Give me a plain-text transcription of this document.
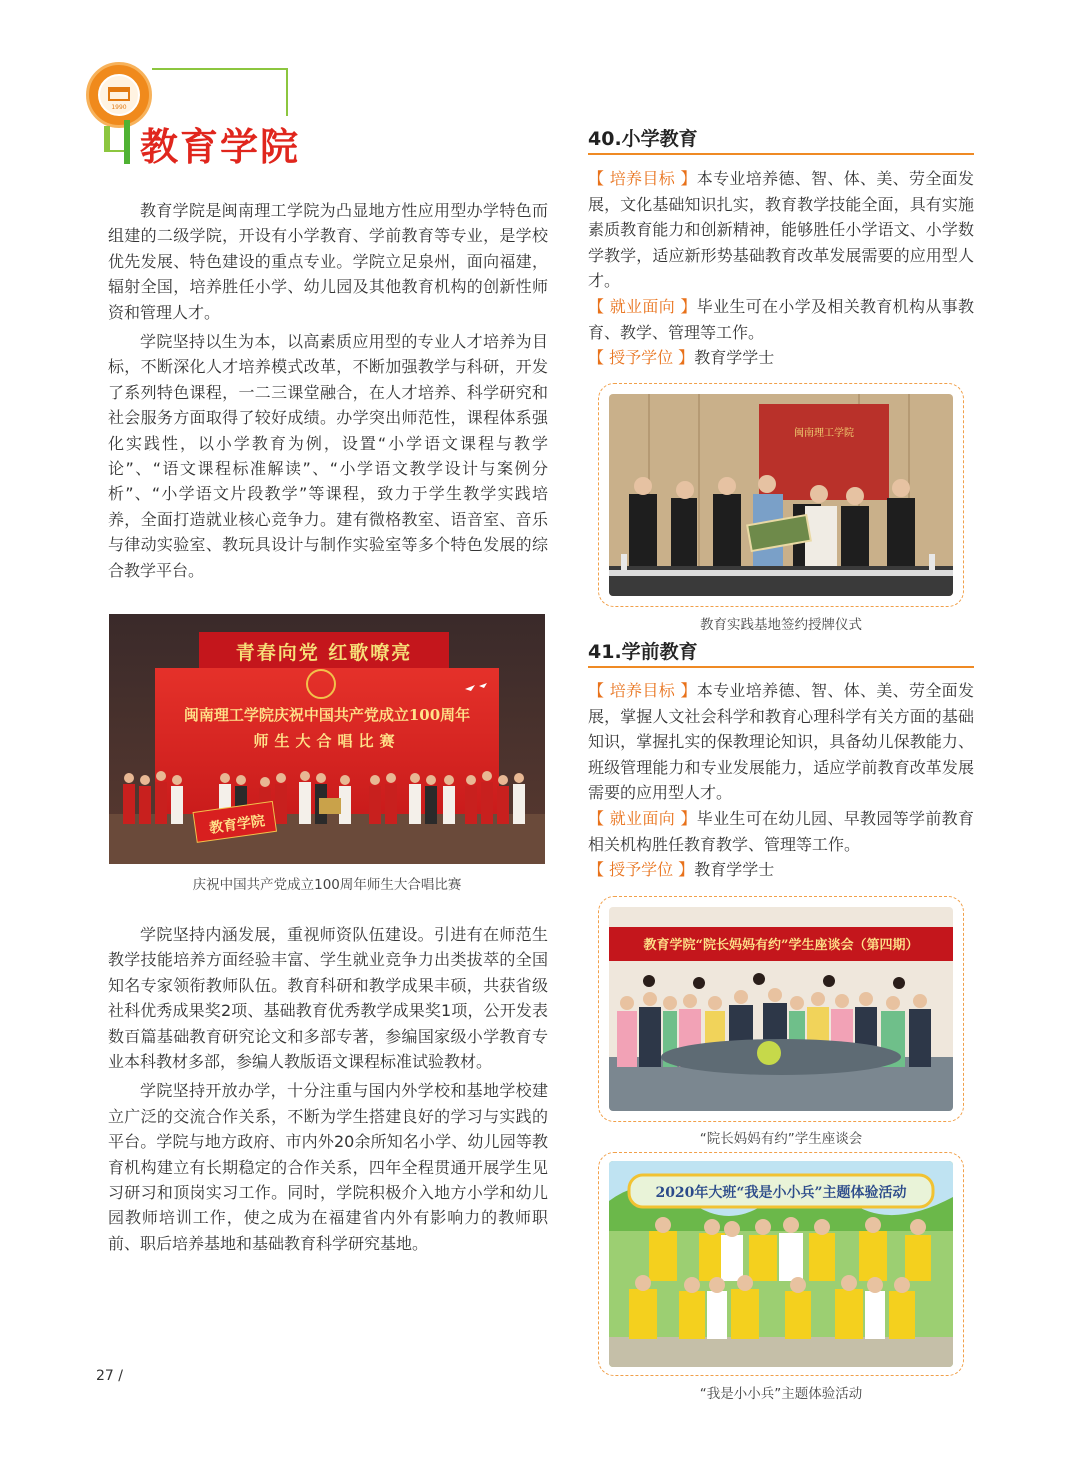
1990
教育学院

教育学院是闽南理工学院为凸显地方性应用型办学特色而组建的二级学院，开设有小学教育、学前教育等专业，是学校优先发展、特色建设的重点专业。学院立足泉州，面向福建，辐射全国，培养胜任小学、幼儿园及其他教育机构的创新性师资和管理人才。

学院坚持以生为本，以高素质应用型的专业人才培养为目标，不断深化人才培养模式改革，不断加强教学与科研，开发了系列特色课程，一二三课堂融合，在人才培养、科学研究和社会服务方面取得了较好成绩。办学突出师范性，课程体系强化实践性，以小学教育为例，设置“小学语文课程与教学论”、“语文课程标准解读”、“小学语文教学设计与案例分析”、“小学语文片段教学”等课程，致力于学生教学实践培养，全面打造就业核心竞争力。建有微格教室、语音室、音乐与律动实验室、教玩具设计与制作实验室等多个特色发展的综合教学平台。

青春向党 红歌嘹亮
闽南理工学院庆祝中国共产党成立100周年
师生大合唱比赛
教育学院
庆祝中国共产党成立100周年师生大合唱比赛

学院坚持内涵发展，重视师资队伍建设。引进有在师范生教学技能培养方面经验丰富、学生就业竞争力出类拔萃的全国知名专家领衔教师队伍。教育科研和教学成果丰硕，共获省级社科优秀成果奖2项、基础教育优秀教学成果奖1项，公开发表数百篇基础教育研究论文和多部专著，参编国家级小学教育专业本科教材多部，参编人教版语文课程标准试验教材。

学院坚持开放办学，十分注重与国内外学校和基地学校建立广泛的交流合作关系，不断为学生搭建良好的学习与实践的平台。学院与地方政府、市内外20余所知名小学、幼儿园等教育机构建立有长期稳定的合作关系，四年全程贯通开展学生见习研习和顶岗实习工作。同时，学院积极介入地方小学和幼儿园教师培训工作，使之成为在福建省内外有影响力的教师职前、职后培养基地和基础教育科学研究基地。

40.小学教育

【 培养目标 】本专业培养德、智、体、美、劳全面发展，文化基础知识扎实，教育教学技能全面，具有实施素质教育能力和创新精神，能够胜任小学语文、小学数学教学，适应新形势基础教育改革发展需要的应用型人才。

【 就业面向 】毕业生可在小学及相关教育机构从事教育、教学、管理等工作。

【 授予学位 】教育学学士

闽南理工学院
教育实践基地签约授牌仪式
41.学前教育

【 培养目标 】本专业培养德、智、体、美、劳全面发展，掌握人文社会科学和教育心理科学有关方面的基础知识，掌握扎实的保教理论知识，具备幼儿保教能力、班级管理能力和专业发展能力，适应学前教育改革发展需要的应用型人才。

【 就业面向 】毕业生可在幼儿园、早教园等学前教育相关机构胜任教育教学、管理等工作。

【 授予学位 】教育学学士

教育学院“院长妈妈有约”学生座谈会（第四期）
“院长妈妈有约”学生座谈会
2020年大班“我是小小兵”主题体验活动
“我是小小兵”主题体验活动
27 /
